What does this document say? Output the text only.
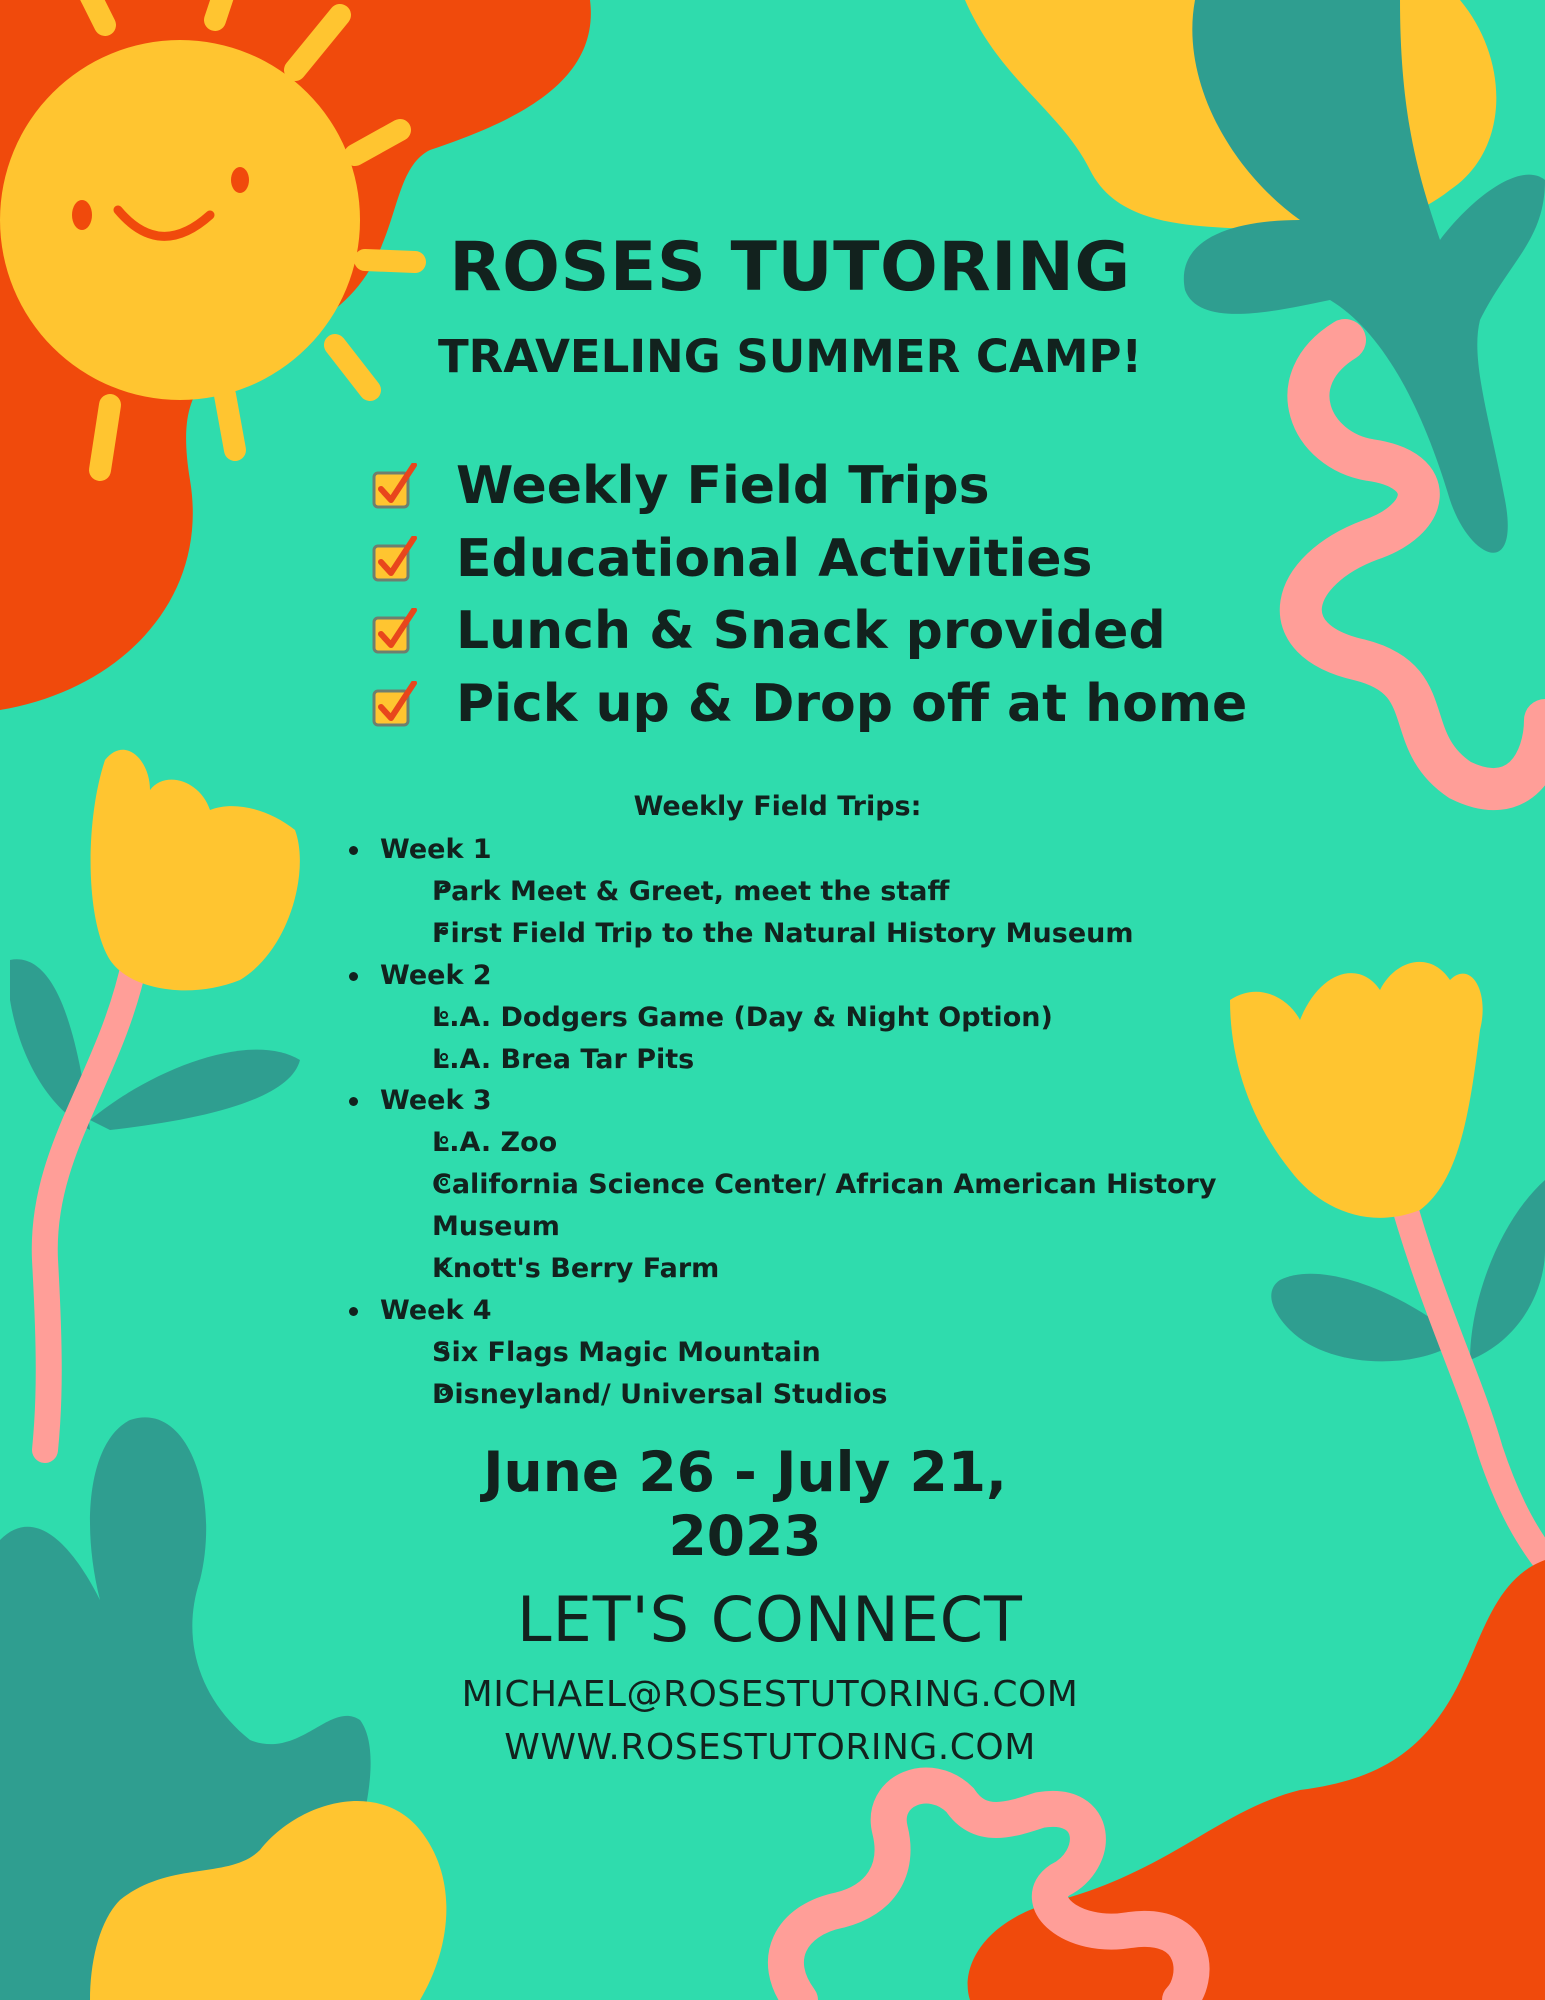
ROSES TUTORING
TRAVELING SUMMER CAMP!
Weekly Field Trips
Educational Activities
Lunch & Snack provided
Pick up & Drop off at home
Weekly Field Trips:
Week 1
Park Meet & Greet, meet the staff
First Field Trip to the Natural History Museum
Week 2
L.A. Dodgers Game (Day & Night Option)
L.A. Brea Tar Pits
Week 3
L.A. Zoo
California Science Center/ African American History Museum
Knott's Berry Farm
Week 4
Six Flags Magic Mountain
Disneyland/ Universal Studios
June 26 - July 21, 2023
LET'S CONNECT
MICHAEL@ROSESTUTORING.COM
WWW.ROSESTUTORING.COM
